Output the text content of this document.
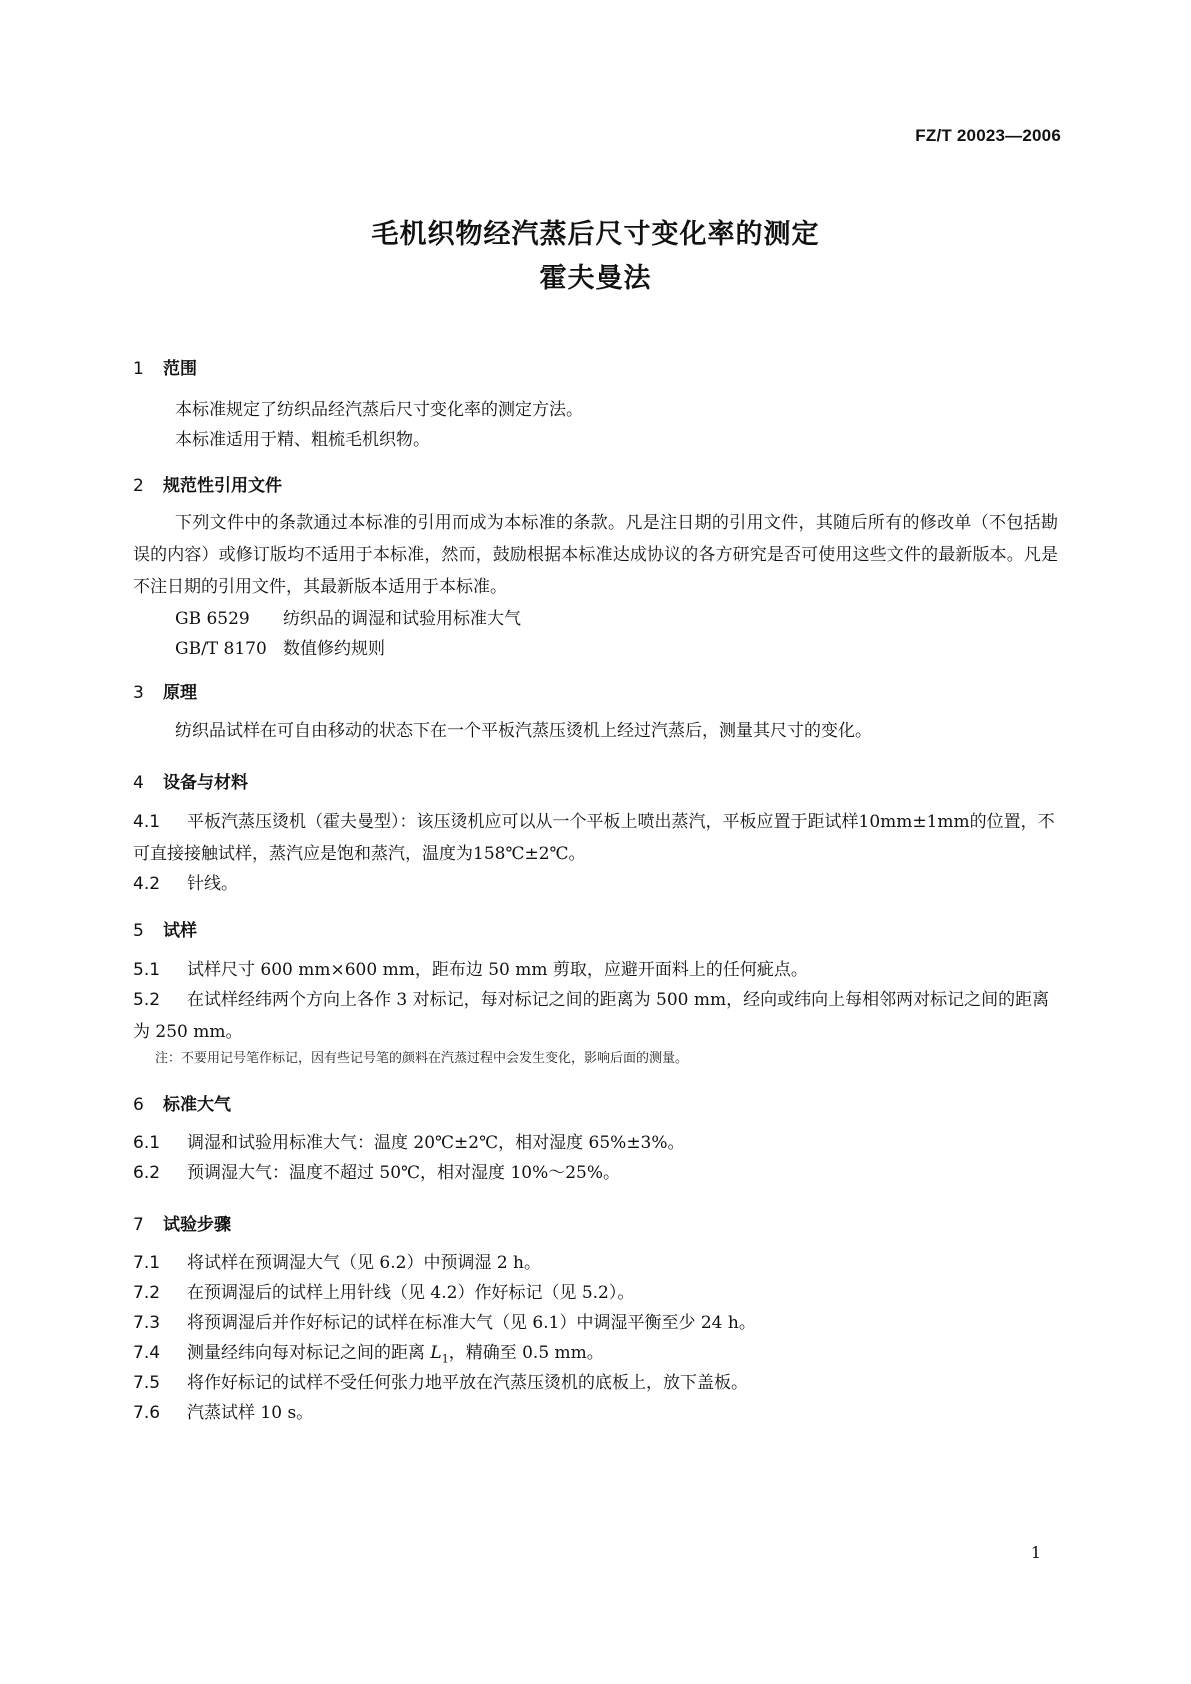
FZ/T 20023—2006
毛机织物经汽蒸后尺寸变化率的测定
霍夫曼法
1 范围
本标准规定了纺织品经汽蒸后尺寸变化率的测定方法。
本标准适用于精、粗梳毛机织物。
2 规范性引用文件
下列文件中的条款通过本标准的引用而成为本标准的条款。凡是注日期的引用文件，其随后所有的修改单（不包括勘误的内容）或修订版均不适用于本标准，然而，鼓励根据本标准达成协议的各方研究是否可使用这些文件的最新版本。凡是不注日期的引用文件，其最新版本适用于本标准。
GB 6529 纺织品的调湿和试验用标准大气
GB/T 8170 数值修约规则
3 原理
纺织品试样在可自由移动的状态下在一个平板汽蒸压烫机上经过汽蒸后，测量其尺寸的变化。
4 设备与材料
4.1 平板汽蒸压烫机（霍夫曼型）：该压烫机应可以从一个平板上喷出蒸汽，平板应置于距试样10mm±1mm的位置，不可直接接触试样，蒸汽应是饱和蒸汽，温度为158℃±2℃。
4.2 针线。
5 试样
5.1 试样尺寸 600 mm×600 mm，距布边 50 mm 剪取，应避开面料上的任何疵点。
5.2 在试样经纬两个方向上各作 3 对标记，每对标记之间的距离为 500 mm，经向或纬向上每相邻两对标记之间的距离为 250 mm。
注：不要用记号笔作标记，因有些记号笔的颜料在汽蒸过程中会发生变化，影响后面的测量。
6 标准大气
6.1 调湿和试验用标准大气：温度 20℃±2℃，相对湿度 65%±3%。
6.2 预调湿大气：温度不超过 50℃，相对湿度 10%～25%。
7 试验步骤
7.1 将试样在预调湿大气（见 6.2）中预调湿 2 h。
7.2 在预调湿后的试样上用针线（见 4.2）作好标记（见 5.2）。
7.3 将预调湿后并作好标记的试样在标准大气（见 6.1）中调湿平衡至少 24 h。
7.4 测量经纬向每对标记之间的距离 $L_1$，精确至 0.5 mm。
7.5 将作好标记的试样不受任何张力地平放在汽蒸压烫机的底板上，放下盖板。
7.6 汽蒸试样 10 s。
1
